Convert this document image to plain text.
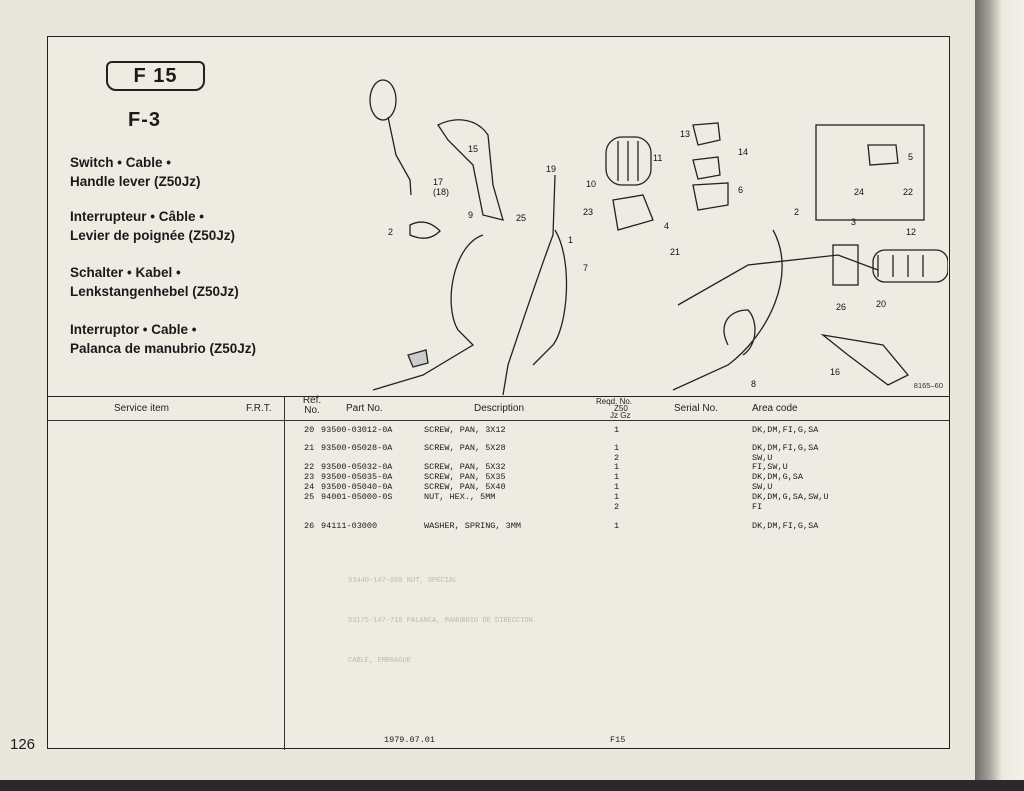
F 15
F-3
Switch • Cable •
Handle lever (Z50Jz)
Interrupteur • Câble •
Levier de poignée (Z50Jz)
Schalter • Kabel •
Lenkstangenhebel (Z50Jz)
Interruptor • Cable •
Palanca de manubrio (Z50Jz)
17
(18)
15
19
2
9	25
1
7
10
11
13
14
6
4
23
21
2
24	22
5
3
12
26	20
8
16
8165–60
Service item	F.R.T.
Ref. No.	Part No.	Description
Reqd. No.
Z50
Jz Gz
Serial No.	Area code
20 93500-03012-0A	SCREW, PAN, 3X12	1	DK,DM,FI,G,SA
21 93500-05028-0A	SCREW, PAN, 5X28	1	DK,DM,FI,G,SA
2	SW,U
22 93500-05032-0A	SCREW, PAN, 5X32	1	FI,SW,U
23 93500-05035-0A	SCREW, PAN, 5X35	1	DK,DM,G,SA
24 93500-05040-0A	SCREW, PAN, 5X40	1	SW,U
25 94001-05000-0S	NUT, HEX., 5MM	1	DK,DM,G,SA,SW,U
2	FI
26 94111-03000	WASHER, SPRING, 3MM	1	DK,DM,FI,G,SA
93440-147-600 NUT, SPECIAL
53175-147-710 PALANCA, MANUBRIO DE DIRECCION
CABLE, EMBRAGUE
1979.07.01	F15
126
